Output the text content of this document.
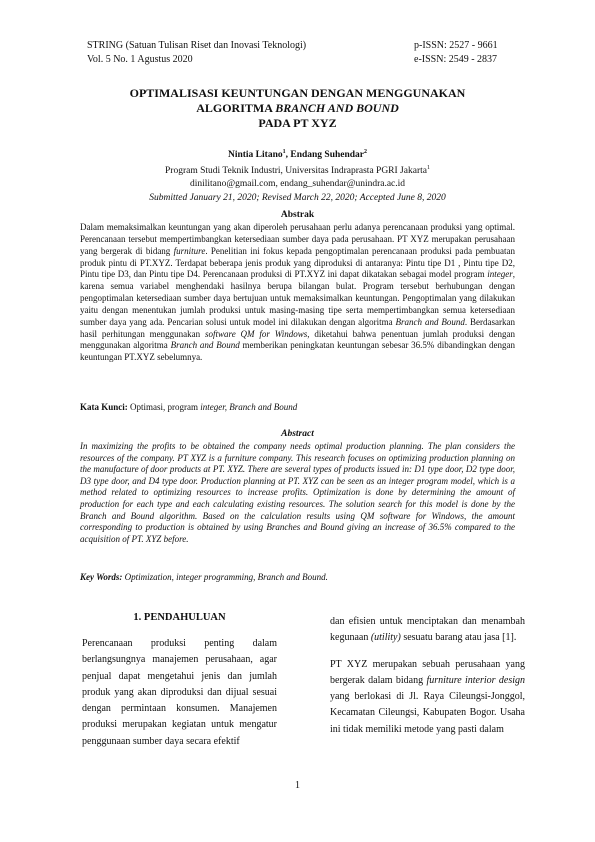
STRING (Satuan Tulisan Riset dan Inovasi Teknologi)
Vol. 5 No. 1 Agustus 2020
p-ISSN: 2527 - 9661
e-ISSN: 2549 - 2837
OPTIMALISASI KEUNTUNGAN DENGAN MENGGUNAKAN
ALGORITMA BRANCH AND BOUND
PADA PT XYZ
Nintia Litano$^1$, Endang Suhendar$^2$
Program Studi Teknik Industri, Universitas Indraprasta PGRI Jakarta$^1$
dinilitano@gmail.com, endang_suhendar@unindra.ac.id
Submitted January 21, 2020; Revised March 22, 2020; Accepted June 8, 2020
Abstrak
Dalam memaksimalkan keuntungan yang akan diperoleh perusahaan perlu adanya perencanaan produksi yang optimal. Perencanaan tersebut mempertimbangkan ketersediaan sumber daya pada perusahaan. PT XYZ merupakan perusahaan yang bergerak di bidang furniture. Penelitian ini fokus kepada pengoptimalan perencanaan produksi pada pembuatan produk pintu di PT.XYZ. Terdapat beberapa jenis produk yang diproduksi di antaranya: Pintu tipe D1 , Pintu tipe D2, Pintu tipe D3, dan Pintu tipe D4. Perencanaan produksi di PT.XYZ ini dapat dikatakan sebagai model program integer, karena semua variabel menghendaki hasilnya berupa bilangan bulat. Program tersebut berhubungan dengan pengoptimalan ketersediaan sumber daya bertujuan untuk memaksimalkan keuntungan. Pengoptimalan yang dilakukan yaitu dengan menentukan jumlah produksi untuk masing-masing tipe serta mempertimbangkan semua ketersediaan sumber daya yang ada. Pencarian solusi untuk model ini dilakukan dengan algoritma Branch and Bound. Berdasarkan hasil perhitungan menggunakan software QM for Windows, diketahui bahwa penentuan jumlah produksi dengan menggunakan algoritma Branch and Bound memberikan peningkatan keuntungan sebesar 36.5% dibandingkan dengan keuntungan PT.XYZ sebelumnya.
Kata Kunci: Optimasi, program integer, Branch and Bound
Abstract
In maximizing the profits to be obtained the company needs optimal production planning. The plan considers the resources of the company. PT XYZ is a furniture company. This research focuses on optimizing production planning on the manufacture of door products at PT. XYZ. There are several types of products issued in: D1 type door, D2 type door, D3 type door, and D4 type door. Production planning at PT. XYZ can be seen as an integer program model, which is a method related to optimizing resources to increase profits. Optimization is done by determining the amount of production for each type and each calculating existing resources. The solution search for this model is done by the Branch and Bound algorithm. Based on the calculation results using QM software for Windows, the amount corresponding to production is obtained by using Branches and Bound giving an increase of 36.5% compared to the acquisition of PT. XYZ before.
Key Words: Optimization, integer programming, Branch and Bound.
1. PENDAHULUAN

Perencanaan produksi penting dalam berlangsungnya manajemen perusahaan, agar penjual dapat mengetahui jenis dan jumlah produk yang akan diproduksi dan dijual sesuai dengan permintaan konsumen. Manajemen produksi merupakan kegiatan untuk mengatur penggunaan sumber daya secara efektif

dan efisien untuk menciptakan dan menambah kegunaan (utility) sesuatu barang atau jasa [1].

PT XYZ merupakan sebuah perusahaan yang bergerak dalam bidang furniture interior design yang berlokasi di Jl. Raya Cileungsi-Jonggol, Kecamatan Cileungsi, Kabupaten Bogor. Usaha ini tidak memiliki metode yang pasti dalam

1
